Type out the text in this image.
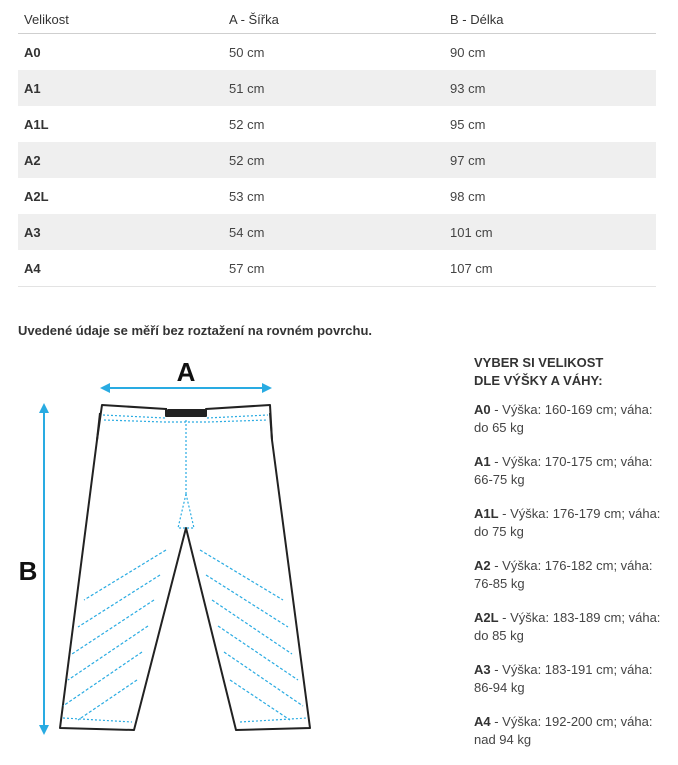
Velikost	A - Šířka	B - Délka
A0	50 cm	90 cm
A1	51 cm	93 cm
A1L	52 cm	95 cm
A2	52 cm	97 cm
A2L	53 cm	98 cm
A3	54 cm	101 cm
A4	57 cm	107 cm
Uvedené údaje se měří bez roztažení na rovném povrchu.
A
B
VYBER SI VELIKOST
DLE VÝŠKY A VÁHY:
A0 - Výška: 160-169 cm; váha: do 65 kg
A1 - Výška: 170-175 cm; váha: 66-75 kg
A1L - Výška: 176-179 cm; váha: do 75 kg
A2 - Výška: 176-182 cm; váha: 76-85 kg
A2L - Výška: 183-189 cm; váha: do 85 kg
A3 - Výška: 183-191 cm; váha: 86-94 kg
A4 - Výška: 192-200 cm; váha: nad 94 kg
